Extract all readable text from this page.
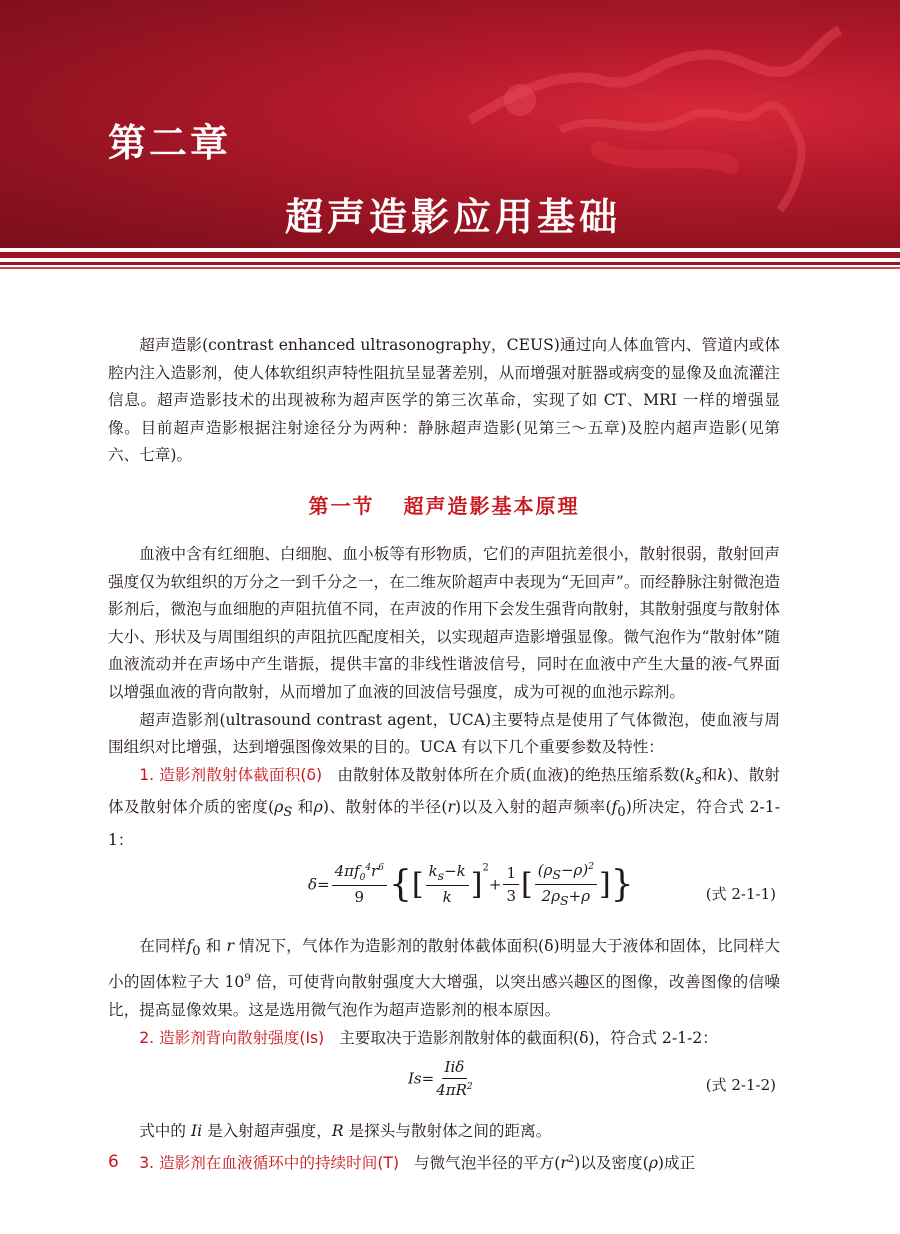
第二章
超声造影应用基础

超声造影(contrast enhanced ultrasonography，CEUS)通过向人体血管内、管道内或体腔内注入造影剂，使人体软组织声特性阻抗呈显著差别，从而增强对脏器或病变的显像及血流灌注信息。超声造影技术的出现被称为超声医学的第三次革命，实现了如 CT、MRI 一样的增强显像。目前超声造影根据注射途径分为两种：静脉超声造影(见第三～五章)及腔内超声造影(见第六、七章)。

第一节 超声造影基本原理

血液中含有红细胞、白细胞、血小板等有形物质，它们的声阻抗差很小，散射很弱，散射回声强度仅为软组织的万分之一到千分之一，在二维灰阶超声中表现为“无回声”。而经静脉注射微泡造影剂后，微泡与血细胞的声阻抗值不同，在声波的作用下会发生强背向散射，其散射强度与散射体大小、形状及与周围组织的声阻抗匹配度相关，以实现超声造影增强显像。微气泡作为“散射体”随血液流动并在声场中产生谐振，提供丰富的非线性谐波信号，同时在血液中产生大量的液-气界面以增强血液的背向散射，从而增加了血液的回波信号强度，成为可视的血池示踪剂。

超声造影剂(ultrasound contrast agent，UCA)主要特点是使用了气体微泡，使血液与周围组织对比增强，达到增强图像效果的目的。UCA 有以下几个重要参数及特性：

1. 造影剂散射体截面积(δ) 由散射体及散射体所在介质(血液)的绝热压缩系数($k_s$和k)、散射体及散射体介质的密度($\rho_S$ 和ρ)、散射体的半径(r)以及入射的超声频率$(f_0)$所决定，符合式 2-1-1：

$\delta= \frac{4\pi f_0^4r^6}{9}$ {[ $\frac{k_s-k}{k} ]^2+ \frac{1}{3}$ [ $\frac{(\rho_S-\rho)^2}{2\rho_S+\rho}$ ]}	(式 2-1-1)

在同样$f_0$ 和 r 情况下，气体作为造影剂的散射体截体面积(δ)明显大于液体和固体，比同样大小的固体粒子大 $10^9$ 倍，可使背向散射强度大大增强，以突出感兴趣区的图像，改善图像的信噪比，提高显像效果。这是选用微气泡作为超声造影剂的根本原因。

2. 造影剂背向散射强度(Is) 主要取决于造影剂散射体的截面积(δ)，符合式 2-1-2：

$Is= \frac{\text{Iiδ}}{4\pi R^2}$	(式 2-1-2)

式中的 Ii 是入射超声强度，R 是探头与散射体之间的距离。

3. 造影剂在血液循环中的持续时间(T) 与微气泡半径的平方$(r^2)$以及密度(ρ)成正

6
